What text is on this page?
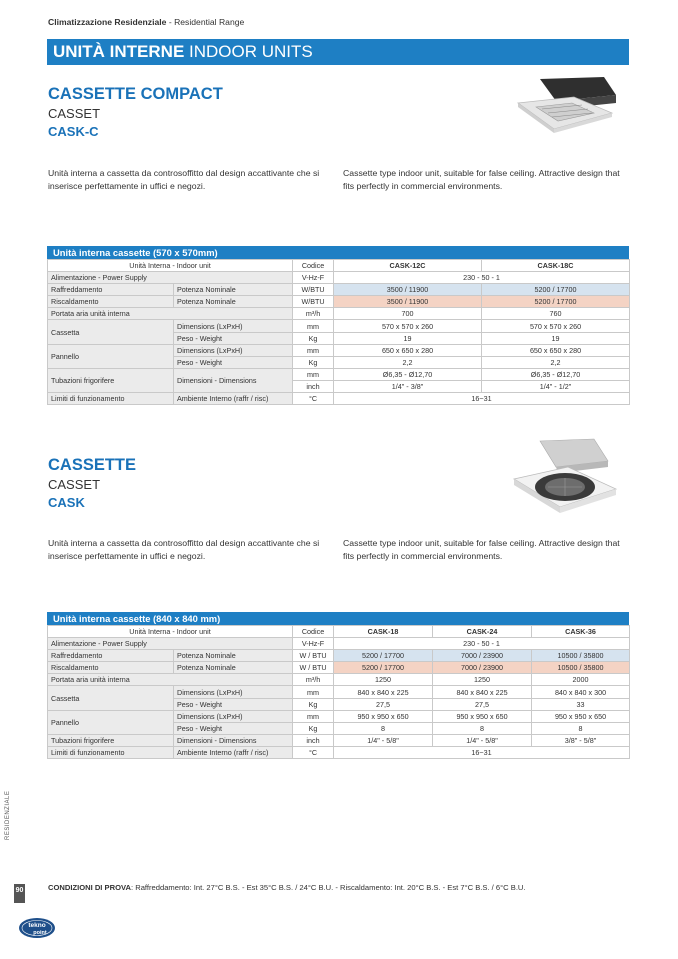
Climatizzazione Residenziale - Residential Range
UNITÀ INTERNE INDOOR UNITS
CASSETTE COMPACT
CASSET
CASK-C
Unità interna a cassetta da controsoffitto dal design accattivante che si inserisce perfettamente in uffici e negozi.
Cassette type indoor unit, suitable for false ceiling. Attractive design that fits perfectly in commercial environments.
Unità interna cassette (570 x 570mm)
Unità Interna - Indoor unit		Codice	CASK-12C	CASK-18C
Alimentazione - Power Supply		V-Hz-F	230 - 50 - 1	
Raffreddamento	Potenza Nominale	W/BTU	3500 / 11900	5200 / 17700
Riscaldamento	Potenza Nominale	W/BTU	3500 / 11900	5200 / 17700
Portata aria unità interna		m³/h	700	760
Cassetta	Dimensions (LxPxH)	mm	570 x 570 x 260	570 x 570 x 260
	Peso - Weight	Kg	19	19
Pannello	Dimensions (LxPxH)	mm	650 x 650 x 280	650 x 650 x 280
	Peso - Weight	Kg	2,2	2,2
Tubazioni frigorifere	Dimensioni - Dimensions	mm	Ø6,35 - Ø12,70	Ø6,35 - Ø12,70
		inch	1/4" - 3/8"	1/4" - 1/2"
Limiti di funzionamento	Ambiente Interno (raffr / risc)	°C	16~31	
CASSETTE
CASSET
CASK
Unità interna a cassetta da controsoffitto dal design accattivante che si inserisce perfettamente in uffici e negozi.
Cassette type indoor unit, suitable for false ceiling. Attractive design that fits perfectly in commercial environments.
Unità interna cassette (840 x 840 mm)
Unità Interna - Indoor unit		Codice	CASK-18	CASK-24	CASK-36
Alimentazione - Power Supply		V-Hz-F	230 - 50 - 1		
Raffreddamento	Potenza Nominale	W / BTU	5200 / 17700	7000 / 23900	10500 / 35800
Riscaldamento	Potenza Nominale	W / BTU	5200 / 17700	7000 / 23900	10500 / 35800
Portata aria unità interna		m³/h	1250	1250	2000
Cassetta	Dimensions (LxPxH)	mm	840 x 840 x 225	840 x 840 x 225	840 x 840 x 300
	Peso - Weight	Kg	27,5	27,5	33
Pannello	Dimensions (LxPxH)	mm	950 x 950 x 650	950 x 950 x 650	950 x 950 x 650
	Peso - Weight	Kg	8	8	8
Tubazioni frigorifere	Dimensioni - Dimensions	inch	1/4" - 5/8"	1/4" - 5/8"	3/8" - 5/8"
Limiti di funzionamento	Ambiente Interno (raffr / risc)	°C	16~31		
RESIDENZIALE
90	CONDIZIONI DI PROVA: Raffreddamento: Int. 27°C B.S. - Est 35°C B.S. / 24°C B.U. - Riscaldamento: Int. 20°C B.S. - Est 7°C B.S. / 6°C B.U.
tekno
point
